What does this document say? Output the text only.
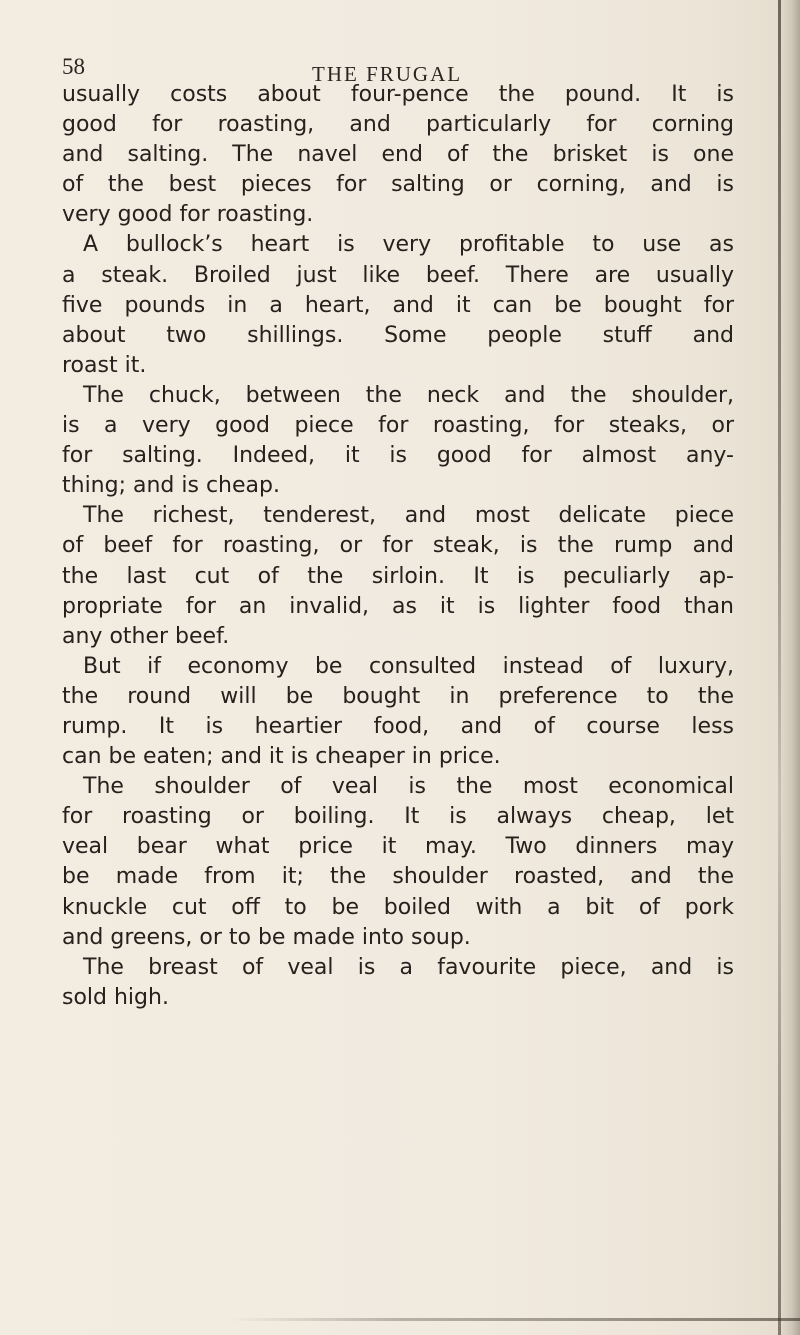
58	THE FRUGAL

usually costs about four-pence the pound. It is
good for roasting, and particularly for corning
and salting. The navel end of the brisket is one
of the best pieces for salting or corning, and is
very good for roasting.
A bullock’s heart is very profitable to use as
a steak. Broiled just like beef. There are usually
five pounds in a heart, and it can be bought for
about two shillings. Some people stuff and
roast it.
The chuck, between the neck and the shoulder,
is a very good piece for roasting, for steaks, or
for salting. Indeed, it is good for almost any-
thing; and is cheap.
The richest, tenderest, and most delicate piece
of beef for roasting, or for steak, is the rump and
the last cut of the sirloin. It is peculiarly ap-
propriate for an invalid, as it is lighter food than
any other beef.
But if economy be consulted instead of luxury,
the round will be bought in preference to the
rump. It is heartier food, and of course less
can be eaten; and it is cheaper in price.
The shoulder of veal is the most economical
for roasting or boiling. It is always cheap, let
veal bear what price it may. Two dinners may
be made from it; the shoulder roasted, and the
knuckle cut off to be boiled with a bit of pork
and greens, or to be made into soup.
The breast of veal is a favourite piece, and is
sold high.
